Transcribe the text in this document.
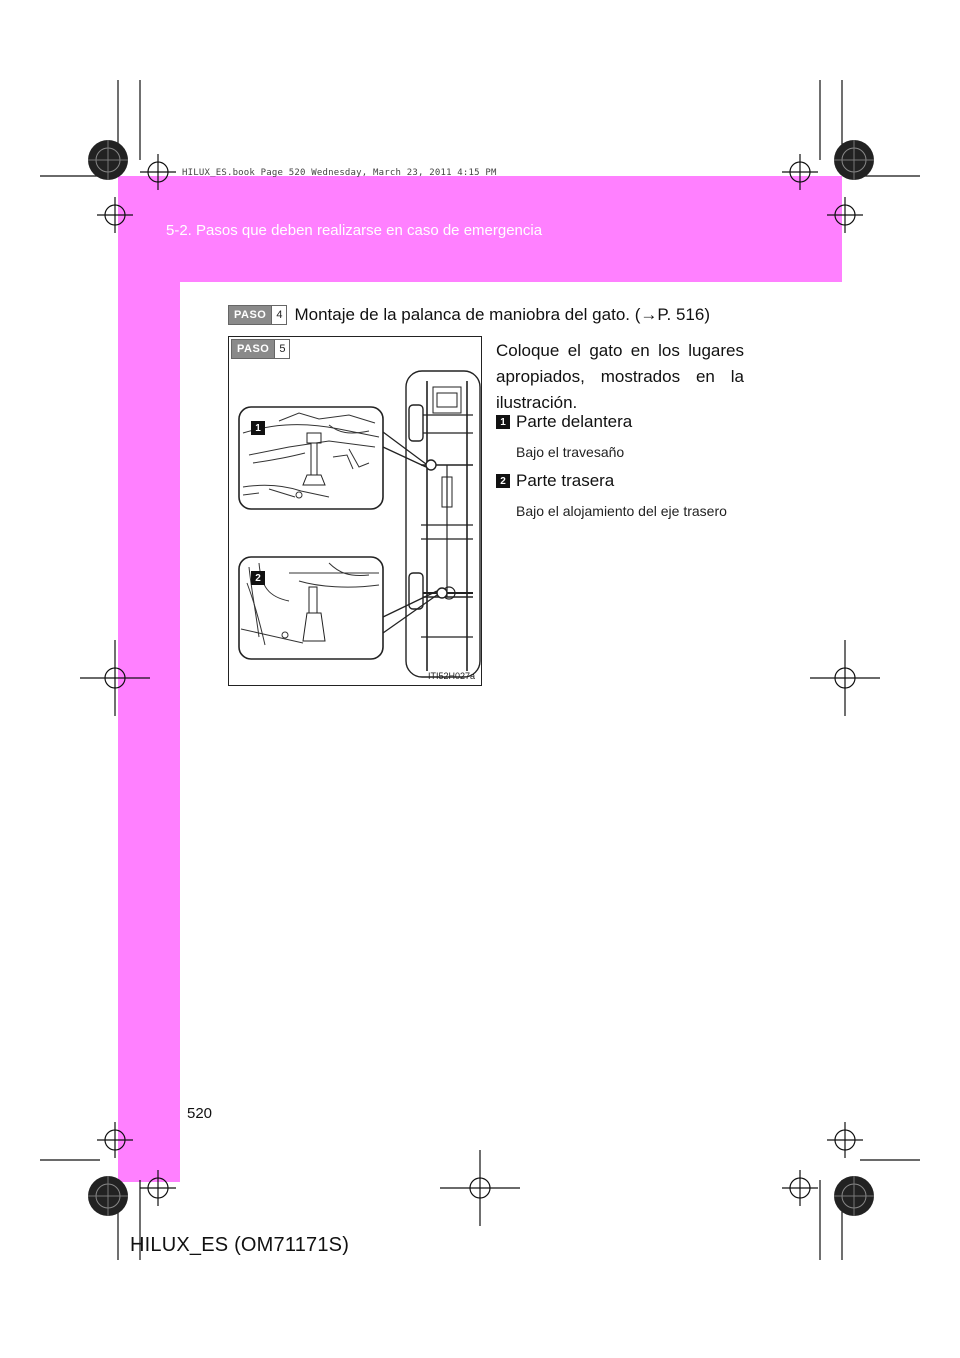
HILUX_ES.book Page 520 Wednesday, March 23, 2011 4:15 PM
5-2. Pasos que deben realizarse en caso de emergencia
PASO 4 Montaje de la palanca de maniobra del gato. (→P. 516)
PASO 5
1
2
ITI52H027a
Coloque el gato en los lugares apropiados, mostrados en la ilustración.
1 Parte delantera
Bajo el travesaño
2 Parte trasera
Bajo el alojamiento del eje trasero
520
HILUX_ES (OM71171S)
